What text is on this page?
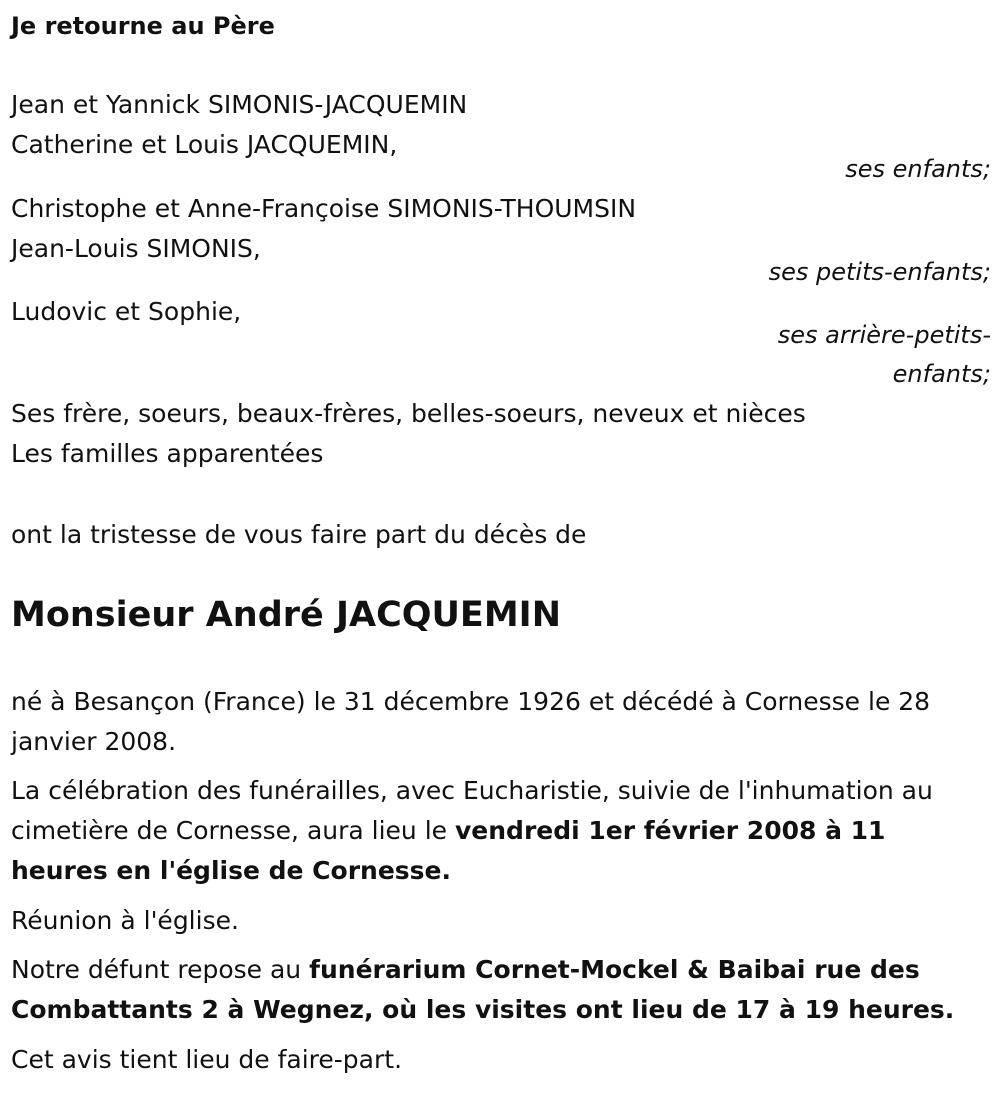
Je retourne au Père
Jean et Yannick SIMONIS-JACQUEMIN
Catherine et Louis JACQUEMIN,
ses enfants;
Christophe et Anne-Françoise SIMONIS-THOUMSIN
Jean-Louis SIMONIS,
ses petits-enfants;
Ludovic et Sophie,
ses arrière-petits-enfants;
Ses frère, soeurs, beaux-frères, belles-soeurs, neveux et nièces
Les familles apparentées
ont la tristesse de vous faire part du décès de
Monsieur André JACQUEMIN
né à Besançon (France) le 31 décembre 1926 et décédé à Cornesse le 28 janvier 2008.
La célébration des funérailles, avec Eucharistie, suivie de l'inhumation au cimetière de Cornesse, aura lieu le vendredi 1er février 2008 à 11 heures en l'église de Cornesse.
Réunion à l'église.
Notre défunt repose au funérarium Cornet-Mockel & Baibai rue des Combattants 2 à Wegnez, où les visites ont lieu de 17 à 19 heures.
Cet avis tient lieu de faire-part.
